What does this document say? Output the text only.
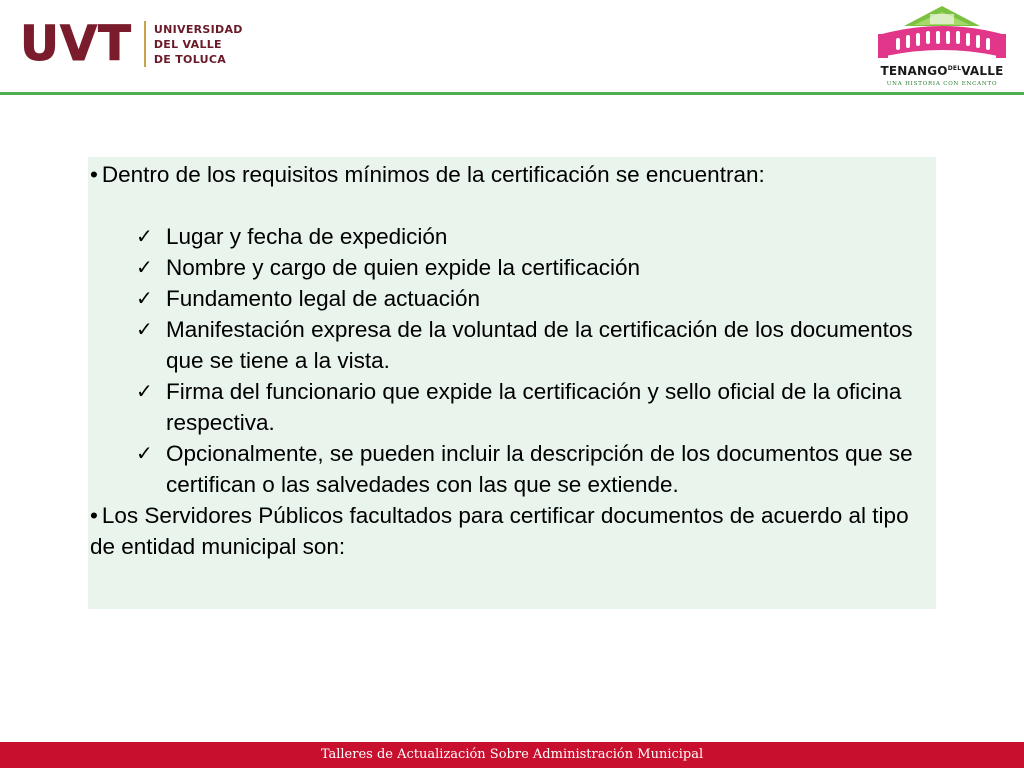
UVT UNIVERSIDAD
DEL VALLE
DE TOLUCA
$TENANGO^{DEL}VALLE$
UNA HISTORIA CON ENCANTO

• Dentro de los requisitos mínimos de la certificación se encuentran:

✓ Lugar y fecha de expedición
✓ Nombre y cargo de quien expide la certificación
✓ Fundamento legal de actuación
✓ Manifestación expresa de la voluntad de la certificación de los documentos que se tiene a la vista.
✓ Firma del funcionario que expide la certificación y sello oficial de la oficina respectiva.
✓ Opcionalmente, se pueden incluir la descripción de los documentos que se certifican o las salvedades con las que se extiende.

• Los Servidores Públicos facultados para certificar documentos de acuerdo al tipo de entidad municipal son:

Talleres de Actualización Sobre Administración Municipal
